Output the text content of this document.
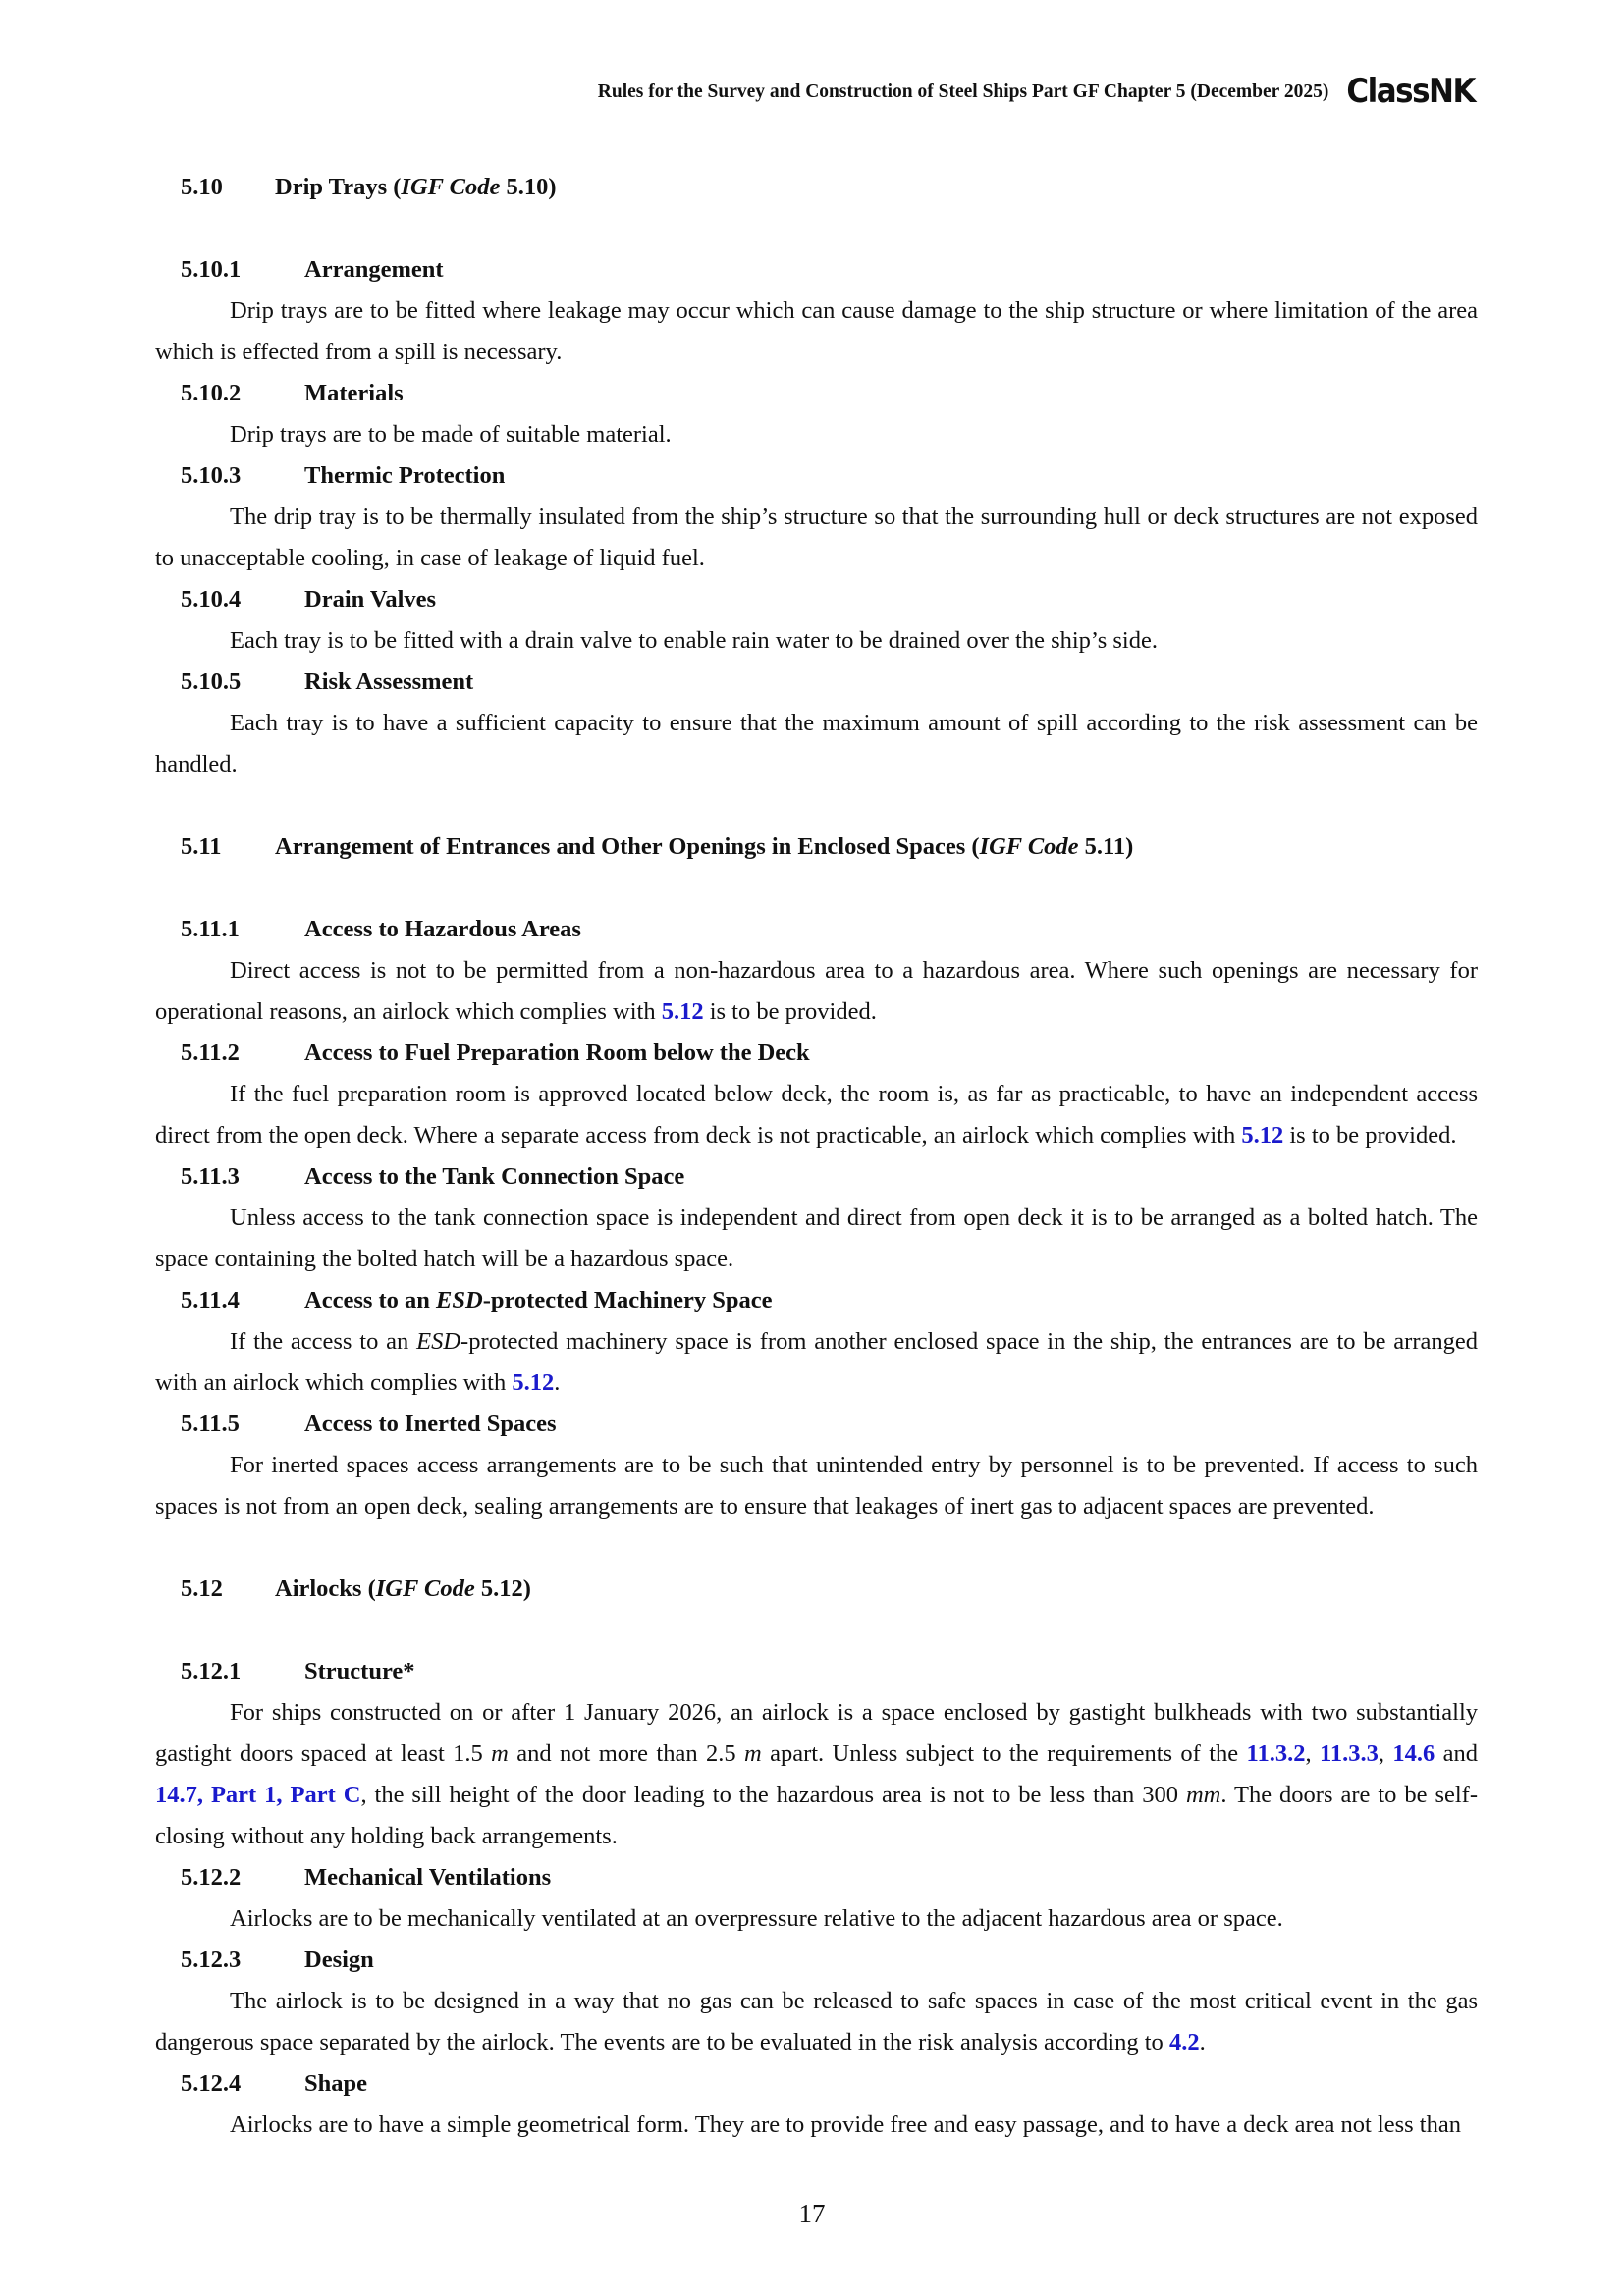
Rules for the Survey and Construction of Steel Ships Part GF Chapter 5 (December 2025) ClassNK
5.10 Drip Trays (IGF Code 5.10)
5.10.1	Arrangement

Drip trays are to be fitted where leakage may occur which can cause damage to the ship structure or where limitation of the area which is effected from a spill is necessary.

5.10.2	Materials

Drip trays are to be made of suitable material.

5.10.3	Thermic Protection

The drip tray is to be thermally insulated from the ship’s structure so that the surrounding hull or deck structures are not exposed to unacceptable cooling, in case of leakage of liquid fuel.

5.10.4	Drain Valves

Each tray is to be fitted with a drain valve to enable rain water to be drained over the ship’s side.

5.10.5	Risk Assessment

Each tray is to have a sufficient capacity to ensure that the maximum amount of spill according to the risk assessment can be handled.

5.11 Arrangement of Entrances and Other Openings in Enclosed Spaces (IGF Code 5.11)
5.11.1	Access to Hazardous Areas

Direct access is not to be permitted from a non-hazardous area to a hazardous area. Where such openings are necessary for operational reasons, an airlock which complies with 5.12 is to be provided.

5.11.2	Access to Fuel Preparation Room below the Deck

If the fuel preparation room is approved located below deck, the room is, as far as practicable, to have an independent access direct from the open deck. Where a separate access from deck is not practicable, an airlock which complies with 5.12 is to be provided.

5.11.3	Access to the Tank Connection Space

Unless access to the tank connection space is independent and direct from open deck it is to be arranged as a bolted hatch. The space containing the bolted hatch will be a hazardous space.

5.11.4	Access to an ESD-protected Machinery Space

If the access to an ESD-protected machinery space is from another enclosed space in the ship, the entrances are to be arranged with an airlock which complies with 5.12.

5.11.5	Access to Inerted Spaces

For inerted spaces access arrangements are to be such that unintended entry by personnel is to be prevented. If access to such spaces is not from an open deck, sealing arrangements are to ensure that leakages of inert gas to adjacent spaces are prevented.

5.12 Airlocks (IGF Code 5.12)
5.12.1	Structure*

For ships constructed on or after 1 January 2026, an airlock is a space enclosed by gastight bulkheads with two substantially gastight doors spaced at least 1.5 m and not more than 2.5 m apart. Unless subject to the requirements of the 11.3.2, 11.3.3, 14.6 and 14.7, Part 1, Part C, the sill height of the door leading to the hazardous area is not to be less than 300 mm. The doors are to be self-closing without any holding back arrangements.

5.12.2	Mechanical Ventilations

Airlocks are to be mechanically ventilated at an overpressure relative to the adjacent hazardous area or space.

5.12.3	Design

The airlock is to be designed in a way that no gas can be released to safe spaces in case of the most critical event in the gas dangerous space separated by the airlock. The events are to be evaluated in the risk analysis according to 4.2.

5.12.4	Shape

Airlocks are to have a simple geometrical form. They are to provide free and easy passage, and to have a deck area not less than

17
